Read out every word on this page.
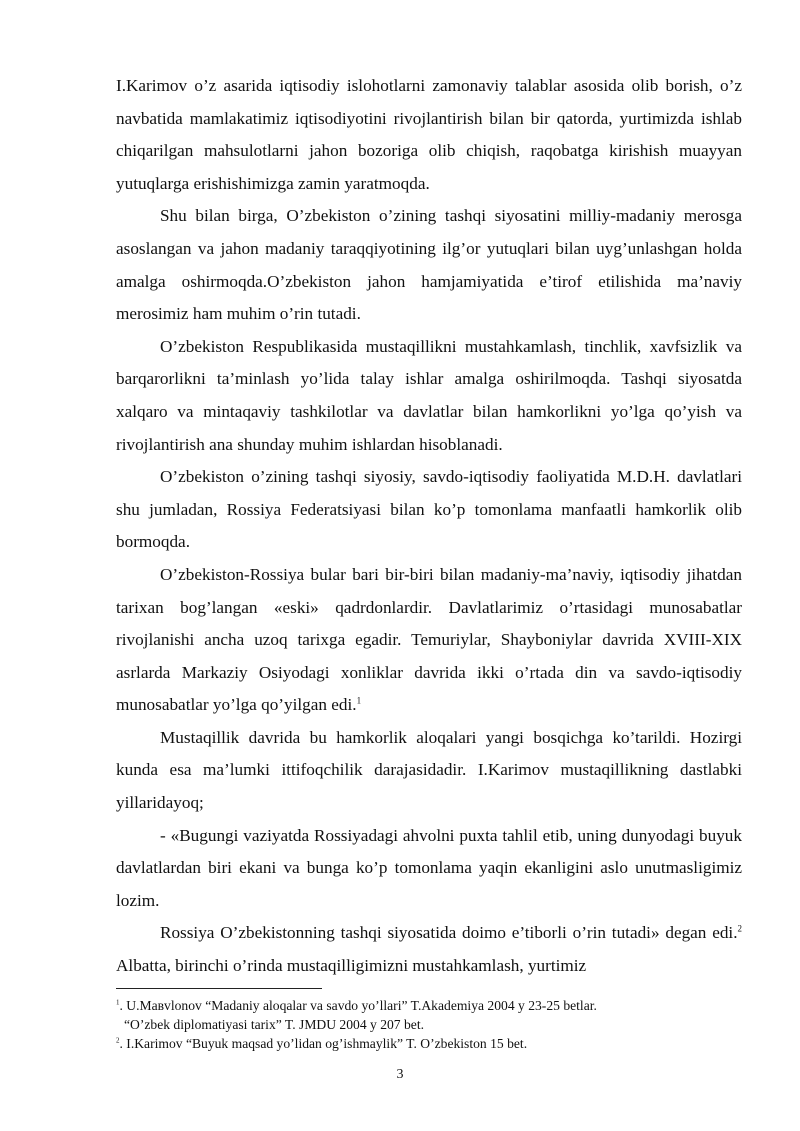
I.Karimov o’z asarida iqtisodiy islohotlarni zamonaviy talablar asosida olib borish, o’z navbatida mamlakatimiz iqtisodiyotini rivojlantirish bilan bir qatorda, yurtimizda ishlab chiqarilgan mahsulotlarni jahon bozoriga olib chiqish, raqobatga kirishish muayyan yutuqlarga erishishimizga zamin yaratmoqda.

Shu bilan birga, O’zbekiston o’zining tashqi siyosatini milliy-madaniy merosga asoslangan va jahon madaniy taraqqiyotining ilg’or yutuqlari bilan uyg’unlashgan holda amalga oshirmoqda.O’zbekiston jahon hamjamiyatida e’tirof etilishida ma’naviy merosimiz ham muhim o’rin tutadi.

O’zbekiston Respublikasida mustaqillikni mustahkamlash, tinchlik, xavfsizlik va barqarorlikni ta’minlash yo’lida talay ishlar amalga oshirilmoqda. Tashqi siyosatda xalqaro va mintaqaviy tashkilotlar va davlatlar bilan hamkorlikni yo’lga qo’yish va rivojlantirish ana shunday muhim ishlardan hisoblanadi.

O’zbekiston o’zining tashqi siyosiy, savdo-iqtisodiy faoliyatida M.D.H. davlatlari shu jumladan, Rossiya Federatsiyasi bilan ko’p tomonlama manfaatli hamkorlik olib bormoqda.

O’zbekiston-Rossiya bular bari bir-biri bilan madaniy-ma’naviy, iqtisodiy jihatdan tarixan bog’langan «eski» qadrdonlardir. Davlatlarimiz o’rtasidagi munosabatlar rivojlanishi ancha uzoq tarixga egadir. Temuriylar, Shayboniylar davrida XVIII-XIX asrlarda Markaziy Osiyodagi xonliklar davrida ikki o’rtada din va savdo-iqtisodiy munosabatlar yo’lga qo’yilgan edi.$^1$

Mustaqillik davrida bu hamkorlik aloqalari yangi bosqichga ko’tarildi. Hozirgi kunda esa ma’lumki ittifoqchilik darajasidadir. I.Karimov mustaqillikning dastlabki yillaridayoq;

- «Bugungi vaziyatda Rossiyadagi ahvolni puxta tahlil etib, uning dunyodagi buyuk davlatlardan biri ekani va bunga ko’p tomonlama yaqin ekanligini aslo unutmasligimiz lozim.

Rossiya O’zbekistonning tashqi siyosatida doimo e’tiborli o’rin tutadi» degan edi.$^2$ Albatta, birinchi o’rinda mustaqilligimizni mustahkamlash, yurtimiz

$^1$. U.Maвvlonov “Madaniy aloqalar va savdo yo’llari” T.Akademiya 2004 y 23-25 betlar.

“O’zbek diplomatiyasi tarix” T. JMDU 2004 y 207 bet.

$^2$. I.Karimov “Buyuk maqsad yo’lidan og’ishmaylik” T. O’zbekiston 15 bet.

3
